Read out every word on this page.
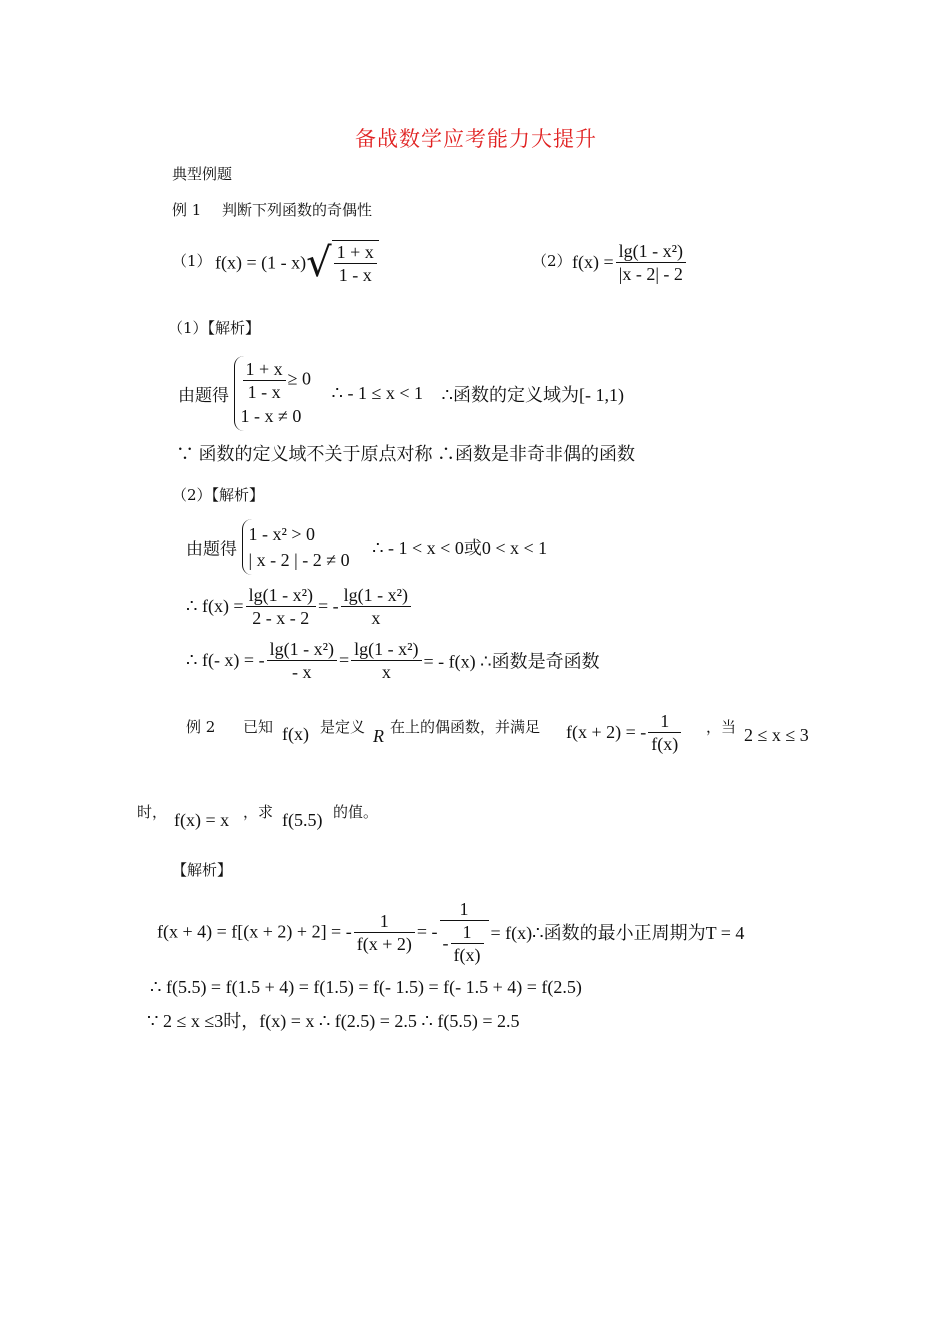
备战数学应考能力大提升
典型例题
例 1 判断下列函数的奇偶性
（1） $f(x) = (1 - x)√ \frac{1 + x}{1 - x}$	（2） $f(x) = \frac{\text{lg(1 - x²)}}{|x - 2| - 2}$
（1）【解析】
由题得 $\frac{1 + x}{1 - x} \ge 0$
1 - x ≠ 0
∴ - 1 ≤ x < 1 ∴函数的定义域为[- 1,1)
∵ 函数的定义域不关于原点对称 ∴函数是非奇非偶的函数
（2）【解析】
由题得
1 - x² > 0
| x - 2 | - 2 ≠ 0
∴ - 1 < x < 0或0 < x < 1
∴ $f(x) = \frac{\text{lg(1 - x²)}}{2 - x - 2}$ = - $\frac{\text{lg(1 - x²)}}{x}$
∴ f(- x) = - $\frac{\text{lg(1 - x²)}}{- x} = \frac{\text{lg(1 - x²)}}{x}$ = - f(x) ∴函数是奇函数
例 2 已知 f(x) 是定义 R 在上的偶函数，并满足 f(x + 2) = - $\frac{1}{f(x)}$ ，当 2 ≤ x ≤ 3
时， f(x) = x ，求 f(5.5) 的值。
【解析】
f(x + 4) = f[(x + 2) + 2] = - $\frac{1}{f(x + 2)}$ = - $\frac{1}{- \frac{1}{f(x)}}$ = f(x)∴函数的最小正周期为T = 4
∴ f(5.5) = f(1.5 + 4) = f(1.5) = f(- 1.5) = f(- 1.5 + 4) = f(2.5)
∵ 2 ≤ x ≤3时，f(x) = x ∴ f(2.5) = 2.5 ∴ f(5.5) = 2.5
